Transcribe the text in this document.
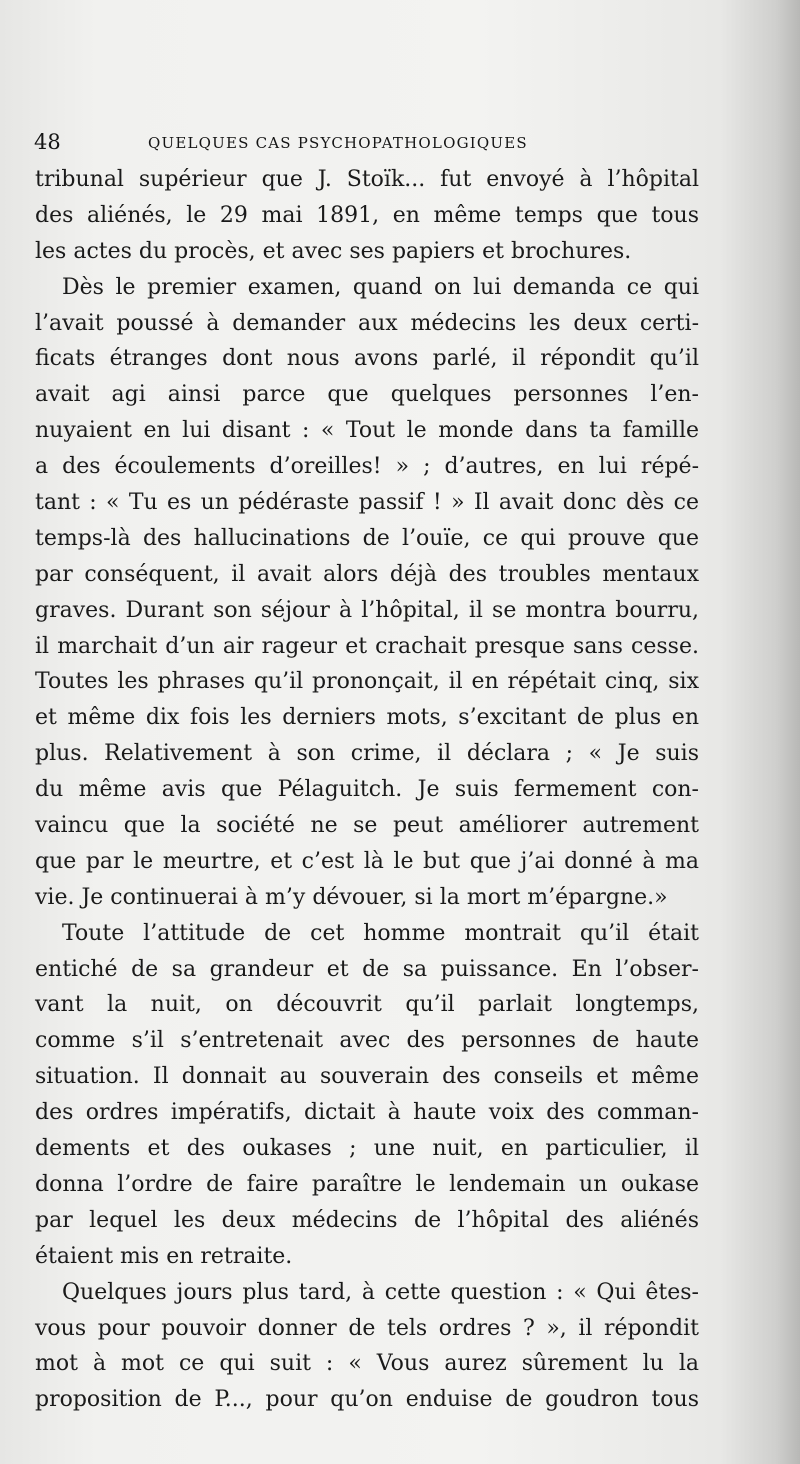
48	QUELQUES CAS PSYCHOPATHOLOGIQUES
tribunal supérieur que J. Stoïk... fut envoyé à l’hôpital
des aliénés, le 29 mai 1891, en même temps que tous
les actes du procès, et avec ses papiers et brochures.
Dès le premier examen, quand on lui demanda ce qui
l’avait poussé à demander aux médecins les deux certi-
ficats étranges dont nous avons parlé, il répondit qu’il
avait agi ainsi parce que quelques personnes l’en-
nuyaient en lui disant : « Tout le monde dans ta famille
a des écoulements d’oreilles! » ; d’autres, en lui répé-
tant : « Tu es un pédéraste passif ! » Il avait donc dès ce
temps-là des hallucinations de l’ouïe, ce qui prouve que
par conséquent, il avait alors déjà des troubles mentaux
graves. Durant son séjour à l’hôpital, il se montra bourru,
il marchait d’un air rageur et crachait presque sans cesse.
Toutes les phrases qu’il prononçait, il en répétait cinq, six
et même dix fois les derniers mots, s’excitant de plus en
plus. Relativement à son crime, il déclara ; « Je suis
du même avis que Pélaguitch. Je suis fermement con-
vaincu que la société ne se peut améliorer autrement
que par le meurtre, et c’est là le but que j’ai donné à ma
vie. Je continuerai à m’y dévouer, si la mort m’épargne.»
Toute l’attitude de cet homme montrait qu’il était
entiché de sa grandeur et de sa puissance. En l’obser-
vant la nuit, on découvrit qu’il parlait longtemps,
comme s’il s’entretenait avec des personnes de haute
situation. Il donnait au souverain des conseils et même
des ordres impératifs, dictait à haute voix des comman-
dements et des oukases ; une nuit, en particulier, il
donna l’ordre de faire paraître le lendemain un oukase
par lequel les deux médecins de l’hôpital des aliénés
étaient mis en retraite.
Quelques jours plus tard, à cette question : « Qui êtes-
vous pour pouvoir donner de tels ordres ? », il répondit
mot à mot ce qui suit : « Vous aurez sûrement lu la
proposition de P..., pour qu’on enduise de goudron tous
